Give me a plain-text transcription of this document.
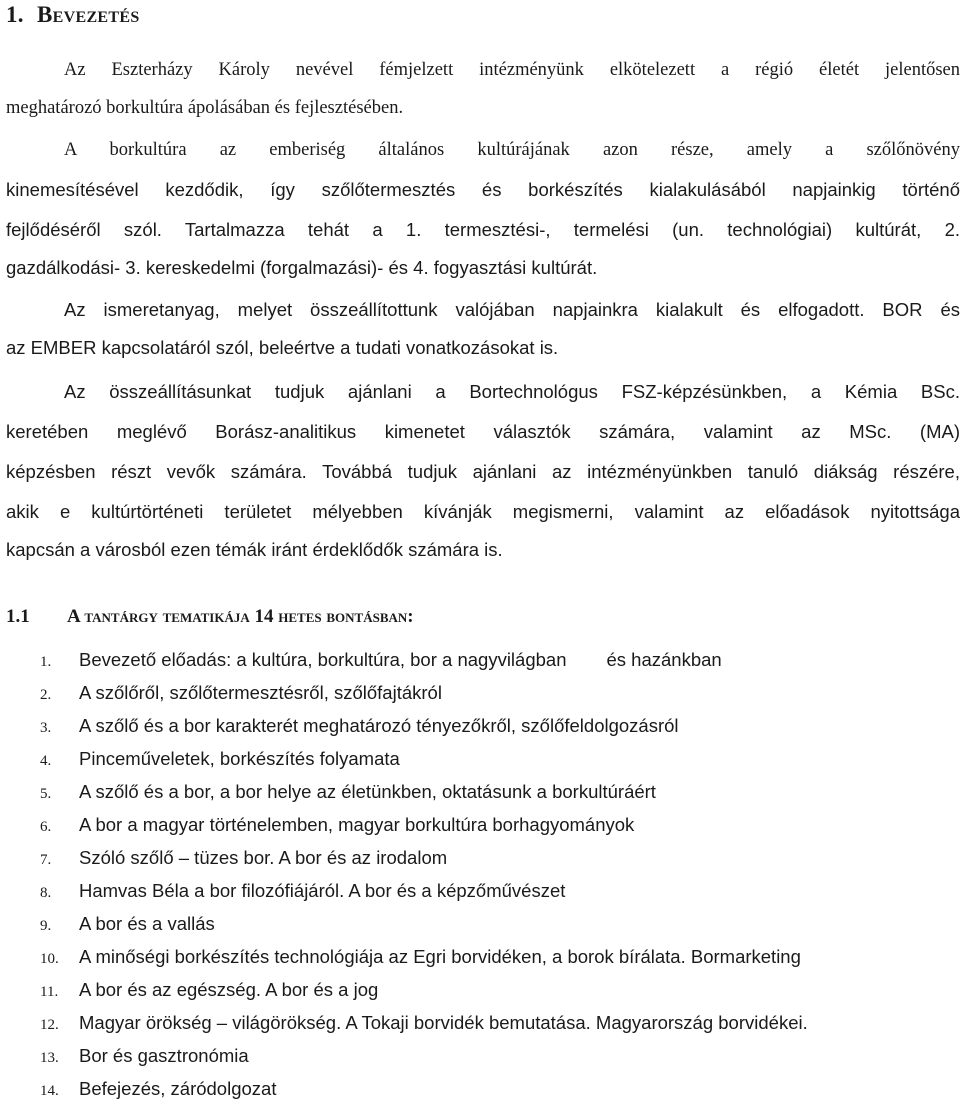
1. Bevezetés
Az Eszterházy Károly nevével fémjelzett intézményünk elkötelezett a régió életét jelentősen
meghatározó borkultúra ápolásában és fejlesztésében.
A borkultúra az emberiség általános kultúrájának azon része, amely a szőlőnövény
kinemesítésével kezdődik, így szőlőtermesztés és borkészítés kialakulásából napjainkig történő
fejlődéséről szól. Tartalmazza tehát a 1. termesztési-, termelési (un. technológiai) kultúrát, 2.
gazdálkodási- 3. kereskedelmi (forgalmazási)- és 4. fogyasztási kultúrát.
Az ismeretanyag, melyet összeállítottunk valójában napjainkra kialakult és elfogadott. BOR és
az EMBER kapcsolatáról szól, beleértve a tudati vonatkozásokat is.
Az összeállításunkat tudjuk ajánlani a Bortechnológus FSZ-képzésünkben, a Kémia BSc.
keretében meglévő Borász-analitikus kimenetet választók számára, valamint az MSc. (MA)
képzésben részt vevők számára. Továbbá tudjuk ajánlani az intézményünkben tanuló diákság részére,
akik e kultúrtörténeti területet mélyebben kívánják megismerni, valamint az előadások nyitottsága
kapcsán a városból ezen témák iránt érdeklődők számára is.
1.1 A tantárgy tematikája 14 hetes bontásban:
1. Bevezető előadás: a kultúra, borkultúra, bor a nagyvilágban és hazánkban
2. A szőlőről, szőlőtermesztésről, szőlőfajtákról
3. A szőlő és a bor karakterét meghatározó tényezőkről, szőlőfeldolgozásról
4. Pinceműveletek, borkészítés folyamata
5. A szőlő és a bor, a bor helye az életünkben, oktatásunk a borkultúráért
6. A bor a magyar történelemben, magyar borkultúra borhagyományok
7. Szóló szőlő – tüzes bor. A bor és az irodalom
8. Hamvas Béla a bor filozófiájáról. A bor és a képzőművészet
9. A bor és a vallás
10. A minőségi borkészítés technológiája az Egri borvidéken, a borok bírálata. Bormarketing
11. A bor és az egészség. A bor és a jog
12. Magyar örökség – világörökség. A Tokaji borvidék bemutatása. Magyarország borvidékei.
13. Bor és gasztronómia
14. Befejezés, záródolgozat
